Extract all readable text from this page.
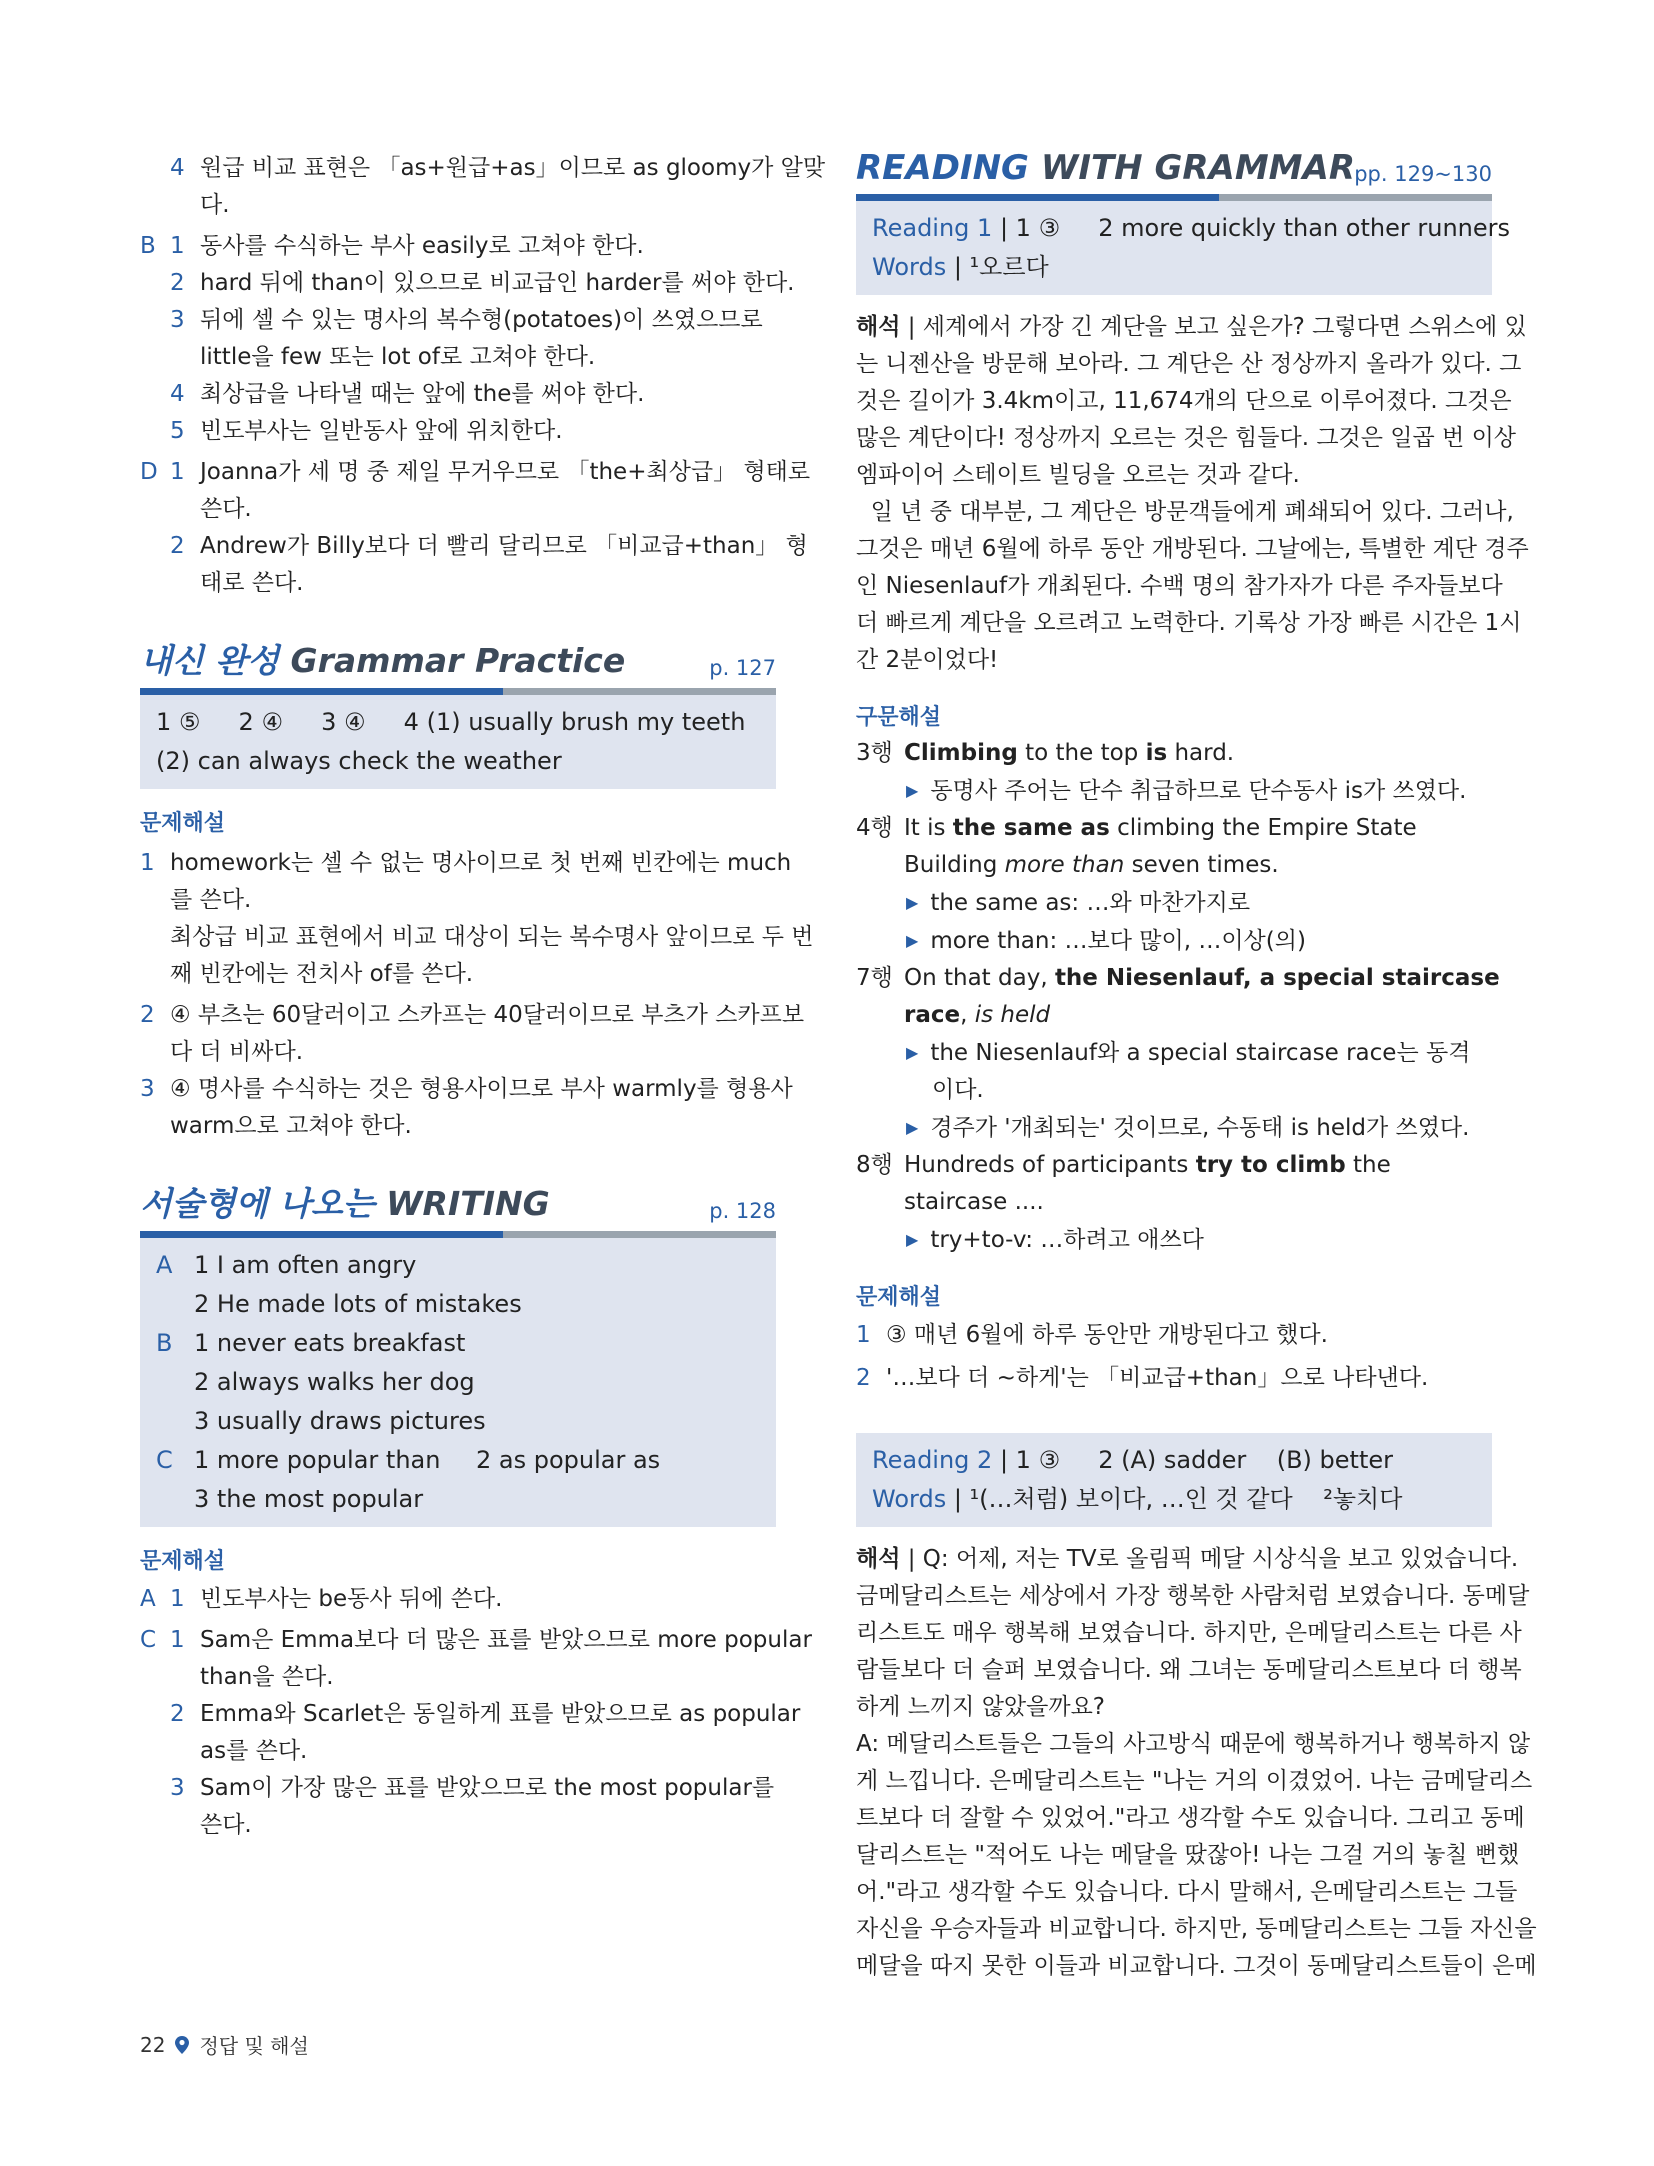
4 원급 비교 표현은 「as+원급+as」이므로 as gloomy가 알맞
다.
B 1 동사를 수식하는 부사 easily로 고쳐야 한다.
2 hard 뒤에 than이 있으므로 비교급인 harder를 써야 한다.
3 뒤에 셀 수 있는 명사의 복수형(potatoes)이 쓰였으므로
little을 few 또는 lot of로 고쳐야 한다.
4 최상급을 나타낼 때는 앞에 the를 써야 한다.
5 빈도부사는 일반동사 앞에 위치한다.
D 1 Joanna가 세 명 중 제일 무거우므로 「the+최상급」 형태로
쓴다.
2 Andrew가 Billy보다 더 빨리 달리므로 「비교급+than」 형
태로 쓴다.
내신 완성 Grammar Practice	p. 127
1 ⑤     2 ④     3 ④     4 (1) usually brush my teeth
(2) can always check the weather
문제해설
1 homework는 셀 수 없는 명사이므로 첫 번째 빈칸에는 much
를 쓴다.
최상급 비교 표현에서 비교 대상이 되는 복수명사 앞이므로 두 번
째 빈칸에는 전치사 of를 쓴다.
2 ④ 부츠는 60달러이고 스카프는 40달러이므로 부츠가 스카프보
다 더 비싸다.
3 ④ 명사를 수식하는 것은 형용사이므로 부사 warmly를 형용사
warm으로 고쳐야 한다.
서술형에 나오는 WRITING	p. 128
A 1 I am often angry
2 He made lots of mistakes
B 1 never eats breakfast
2 always walks her dog
3 usually draws pictures
C 1 more popular than 2 as popular as
3 the most popular
문제해설
A 1 빈도부사는 be동사 뒤에 쓴다.
C 1 Sam은 Emma보다 더 많은 표를 받았으므로 more popular
than을 쓴다.
2 Emma와 Scarlet은 동일하게 표를 받았으므로 as popular
as를 쓴다.
3 Sam이 가장 많은 표를 받았으므로 the most popular를
쓴다.
READING WITH GRAMMAR pp. 129~130
Reading 1 | 1 ③     2 more quickly than other runners
Words | ¹오르다
해석 | 세계에서 가장 긴 계단을 보고 싶은가? 그렇다면 스위스에 있
는 니젠산을 방문해 보아라. 그 계단은 산 정상까지 올라가 있다. 그
것은 길이가 3.4km이고, 11,674개의 단으로 이루어졌다. 그것은
많은 계단이다! 정상까지 오르는 것은 힘들다. 그것은 일곱 번 이상
엠파이어 스테이트 빌딩을 오르는 것과 같다.
일 년 중 대부분, 그 계단은 방문객들에게 폐쇄되어 있다. 그러나,
그것은 매년 6월에 하루 동안 개방된다. 그날에는, 특별한 계단 경주
인 Niesenlauf가 개최된다. 수백 명의 참가자가 다른 주자들보다
더 빠르게 계단을 오르려고 노력한다. 기록상 가장 빠른 시간은 1시
간 2분이었다!
구문해설
3행 Climbing to the top is hard.
▶ 동명사 주어는 단수 취급하므로 단수동사 is가 쓰였다.
4행 It is the same as climbing the Empire State
Building more than seven times.
▶ the same as: …와 마찬가지로
▶ more than: …보다 많이, …이상(의)
7행 On that day, the Niesenlauf, a special staircase
race, is held
▶ the Niesenlauf와 a special staircase race는 동격
이다.
▶ 경주가 '개최되는' 것이므로, 수동태 is held가 쓰였다.
8행 Hundreds of participants try to climb the
staircase ....
▶ try+to-v: …하려고 애쓰다
문제해설
1 ③ 매년 6월에 하루 동안만 개방된다고 했다.
2 '…보다 더 ~하게'는 「비교급+than」으로 나타낸다.
Reading 2 | 1 ③     2 (A) sadder    (B) better
Words | ¹(…처럼) 보이다, …인 것 같다    ²놓치다
해석 | Q: 어제, 저는 TV로 올림픽 메달 시상식을 보고 있었습니다.
금메달리스트는 세상에서 가장 행복한 사람처럼 보였습니다. 동메달
리스트도 매우 행복해 보였습니다. 하지만, 은메달리스트는 다른 사
람들보다 더 슬퍼 보였습니다. 왜 그녀는 동메달리스트보다 더 행복
하게 느끼지 않았을까요?
A: 메달리스트들은 그들의 사고방식 때문에 행복하거나 행복하지 않
게 느낍니다. 은메달리스트는 "나는 거의 이겼었어. 나는 금메달리스
트보다 더 잘할 수 있었어."라고 생각할 수도 있습니다. 그리고 동메
달리스트는 "적어도 나는 메달을 땄잖아! 나는 그걸 거의 놓칠 뻔했
어."라고 생각할 수도 있습니다. 다시 말해서, 은메달리스트는 그들
자신을 우승자들과 비교합니다. 하지만, 동메달리스트는 그들 자신을
메달을 따지 못한 이들과 비교합니다. 그것이 동메달리스트들이 은메
22 정답 및 해설
